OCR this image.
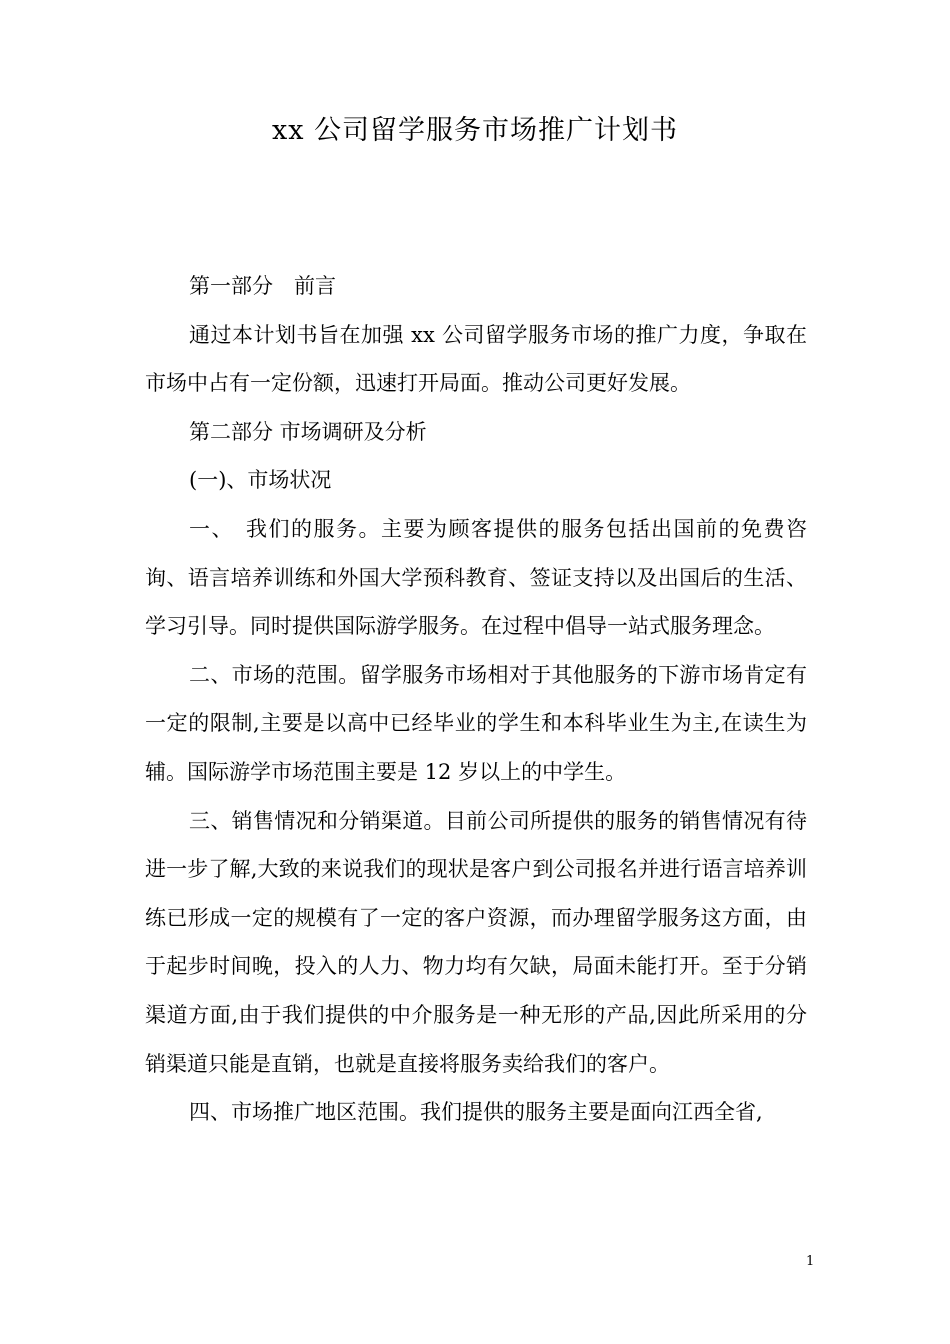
xx 公司留学服务市场推广计划书

第一部分　前言

通过本计划书旨在加强 xx 公司留学服务市场的推广力度，争取在市场中占有一定份额，迅速打开局面。推动公司更好发展。

第二部分 市场调研及分析

(一)、市场状况

一、　我们的服务。主要为顾客提供的服务包括出国前的免费咨询、语言培养训练和外国大学预科教育、签证支持以及出国后的生活、学习引导。同时提供国际游学服务。在过程中倡导一站式服务理念。

二、市场的范围。留学服务市场相对于其他服务的下游市场肯定有一定的限制,主要是以高中已经毕业的学生和本科毕业生为主,在读生为辅。国际游学市场范围主要是 12 岁以上的中学生。

三、销售情况和分销渠道。目前公司所提供的服务的销售情况有待进一步了解,大致的来说我们的现状是客户到公司报名并进行语言培养训练已形成一定的规模有了一定的客户资源，而办理留学服务这方面，由于起步时间晚，投入的人力、物力均有欠缺，局面未能打开。至于分销渠道方面,由于我们提供的中介服务是一种无形的产品,因此所采用的分销渠道只能是直销，也就是直接将服务卖给我们的客户。

四、市场推广地区范围。我们提供的服务主要是面向江西全省,

1
